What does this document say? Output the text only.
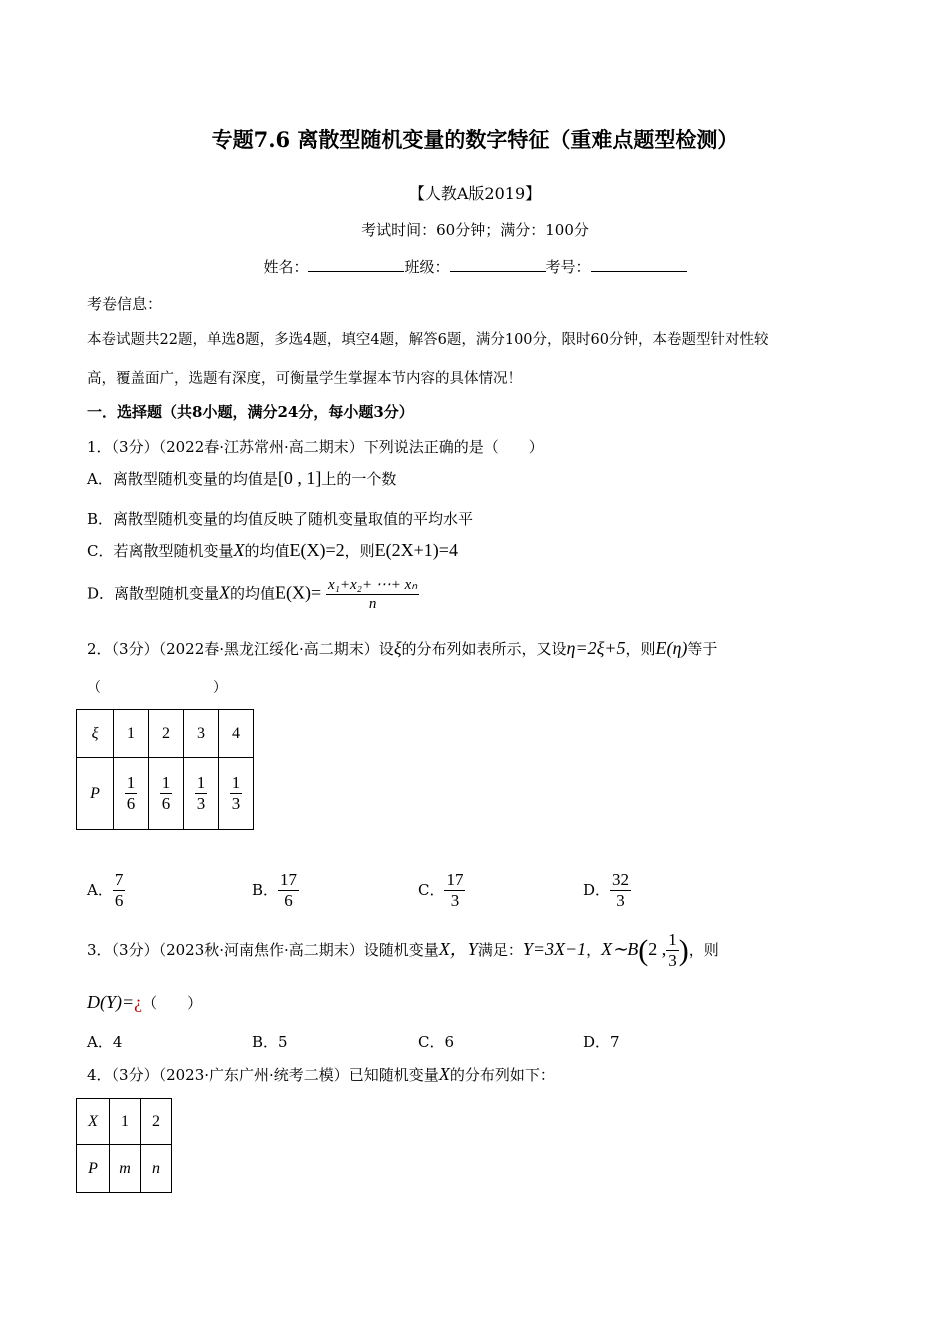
专题7.6 离散型随机变量的数字特征（重难点题型检测）
【人教A版2019】
考试时间：60分钟；满分：100分
姓名：	班级：	考号：
考卷信息：
本卷试题共22题，单选8题，多选4题，填空4题，解答6题，满分100分，限时60分钟，本卷题型针对性较
高，覆盖面广，选题有深度，可衡量学生掌握本节内容的具体情况！
一．选择题（共8小题，满分24分，每小题3分）
1．（3分）（2022春·江苏常州·高二期末）下列说法正确的是（　　）
A．离散型随机变量的均值是[0 , 1]上的一个数
B．离散型随机变量的均值反映了随机变量取值的平均水平
C．若离散型随机变量X的均值E(X)=2，则E(2X+1)=4
D．离散型随机变量X的均值$E(X)= \frac{\text{x₁+x₂+ ⋯+ xₙ}}{n}$
2．（3分）（2022春·黑龙江绥化·高二期末）设ξ的分布列如表所示，又设η=2ξ+5，则E(η)等于
（　　　　　　　　）
ξ	1	2	3	4
P	$\frac{1}{6}$	$\frac{1}{6}$	$\frac{1}{3}$	$\frac{1}{3}$
A． $\frac{7}{6}$	B． $\frac{17}{6}$	C． $\frac{17}{3}$	D． $\frac{32}{3}$
3．（3分）（2023秋·河南焦作·高二期末）设随机变量X，Y满足：Y=3X−1，X∼B(2 , $\frac{1}{3}$ )，则
D(Y)=¿（　　）
A．4	B．5	C．6	D．7
4．（3分）（2023·广东广州·统考二模）已知随机变量X的分布列如下：
X	1	2
P	m	n
